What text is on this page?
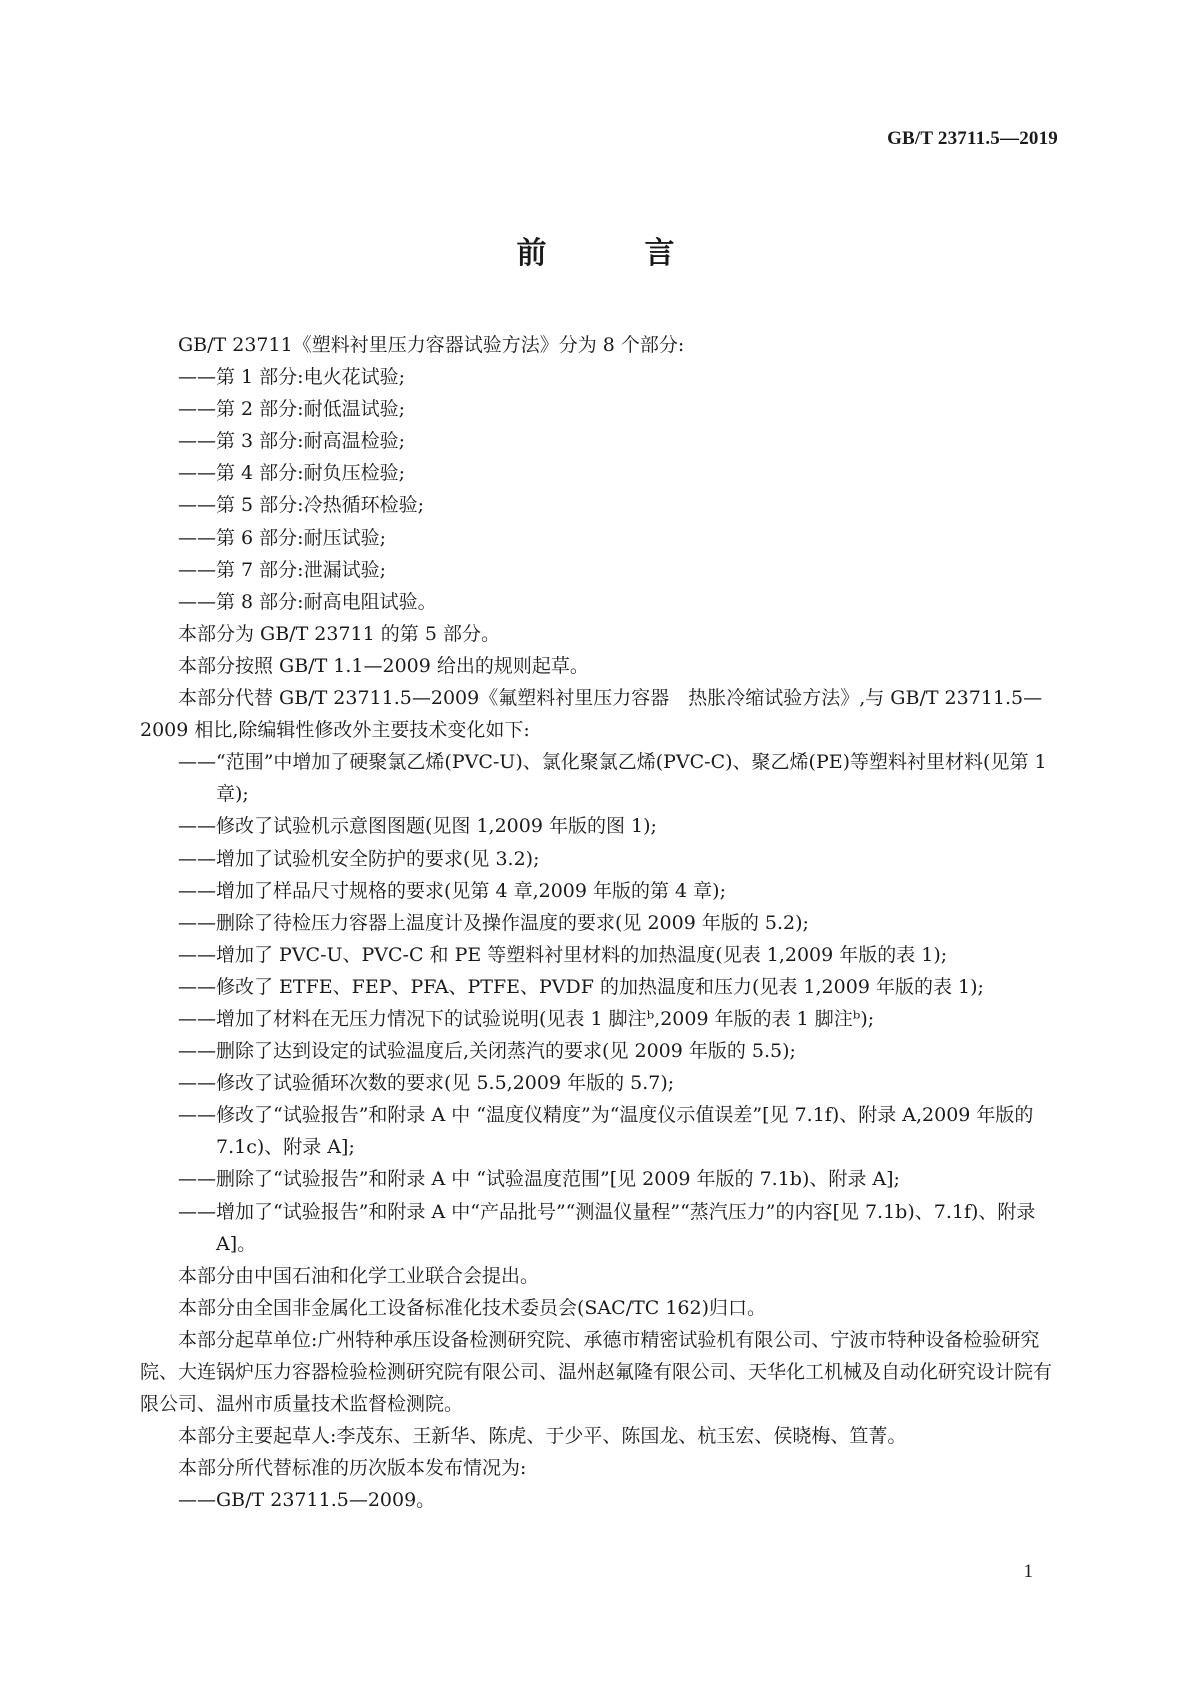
GB/T 23711.5—2019
前　言

GB/T 23711《塑料衬里压力容器试验方法》分为 8 个部分:

——第 1 部分:电火花试验;

——第 2 部分:耐低温试验;

——第 3 部分:耐高温检验;

——第 4 部分:耐负压检验;

——第 5 部分:冷热循环检验;

——第 6 部分:耐压试验;

——第 7 部分:泄漏试验;

——第 8 部分:耐高电阻试验。

本部分为 GB/T 23711 的第 5 部分。

本部分按照 GB/T 1.1—2009 给出的规则起草。

本部分代替 GB/T 23711.5—2009《氟塑料衬里压力容器　热胀冷缩试验方法》,与 GB/T 23711.5—2009 相比,除编辑性修改外主要技术变化如下:

——“范围”中增加了硬聚氯乙烯(PVC-U)、氯化聚氯乙烯(PVC-C)、聚乙烯(PE)等塑料衬里材料(见第 1 章);

——修改了试验机示意图图题(见图 1,2009 年版的图 1);

——增加了试验机安全防护的要求(见 3.2);

——增加了样品尺寸规格的要求(见第 4 章,2009 年版的第 4 章);

——删除了待检压力容器上温度计及操作温度的要求(见 2009 年版的 5.2);

——增加了 PVC-U、PVC-C 和 PE 等塑料衬里材料的加热温度(见表 1,2009 年版的表 1);

——修改了 ETFE、FEP、PFA、PTFE、PVDF 的加热温度和压力(见表 1,2009 年版的表 1);

——增加了材料在无压力情况下的试验说明(见表 1 脚注ᵇ,2009 年版的表 1 脚注ᵇ);

——删除了达到设定的试验温度后,关闭蒸汽的要求(见 2009 年版的 5.5);

——修改了试验循环次数的要求(见 5.5,2009 年版的 5.7);

——修改了“试验报告”和附录 A 中 “温度仪精度”为“温度仪示值误差”[见 7.1f)、附录 A,2009 年版的 7.1c)、附录 A];

——删除了“试验报告”和附录 A 中 “试验温度范围”[见 2009 年版的 7.1b)、附录 A];

——增加了“试验报告”和附录 A 中“产品批号”“测温仪量程”“蒸汽压力”的内容[见 7.1b)、7.1f)、附录 A]。

本部分由中国石油和化学工业联合会提出。

本部分由全国非金属化工设备标准化技术委员会(SAC/TC 162)归口。

本部分起草单位:广州特种承压设备检测研究院、承德市精密试验机有限公司、宁波市特种设备检验研究院、大连锅炉压力容器检验检测研究院有限公司、温州赵氟隆有限公司、天华化工机械及自动化研究设计院有限公司、温州市质量技术监督检测院。

本部分主要起草人:李茂东、王新华、陈虎、于少平、陈国龙、杭玉宏、侯晓梅、笪菁。

本部分所代替标准的历次版本发布情况为:

——GB/T 23711.5—2009。

1
